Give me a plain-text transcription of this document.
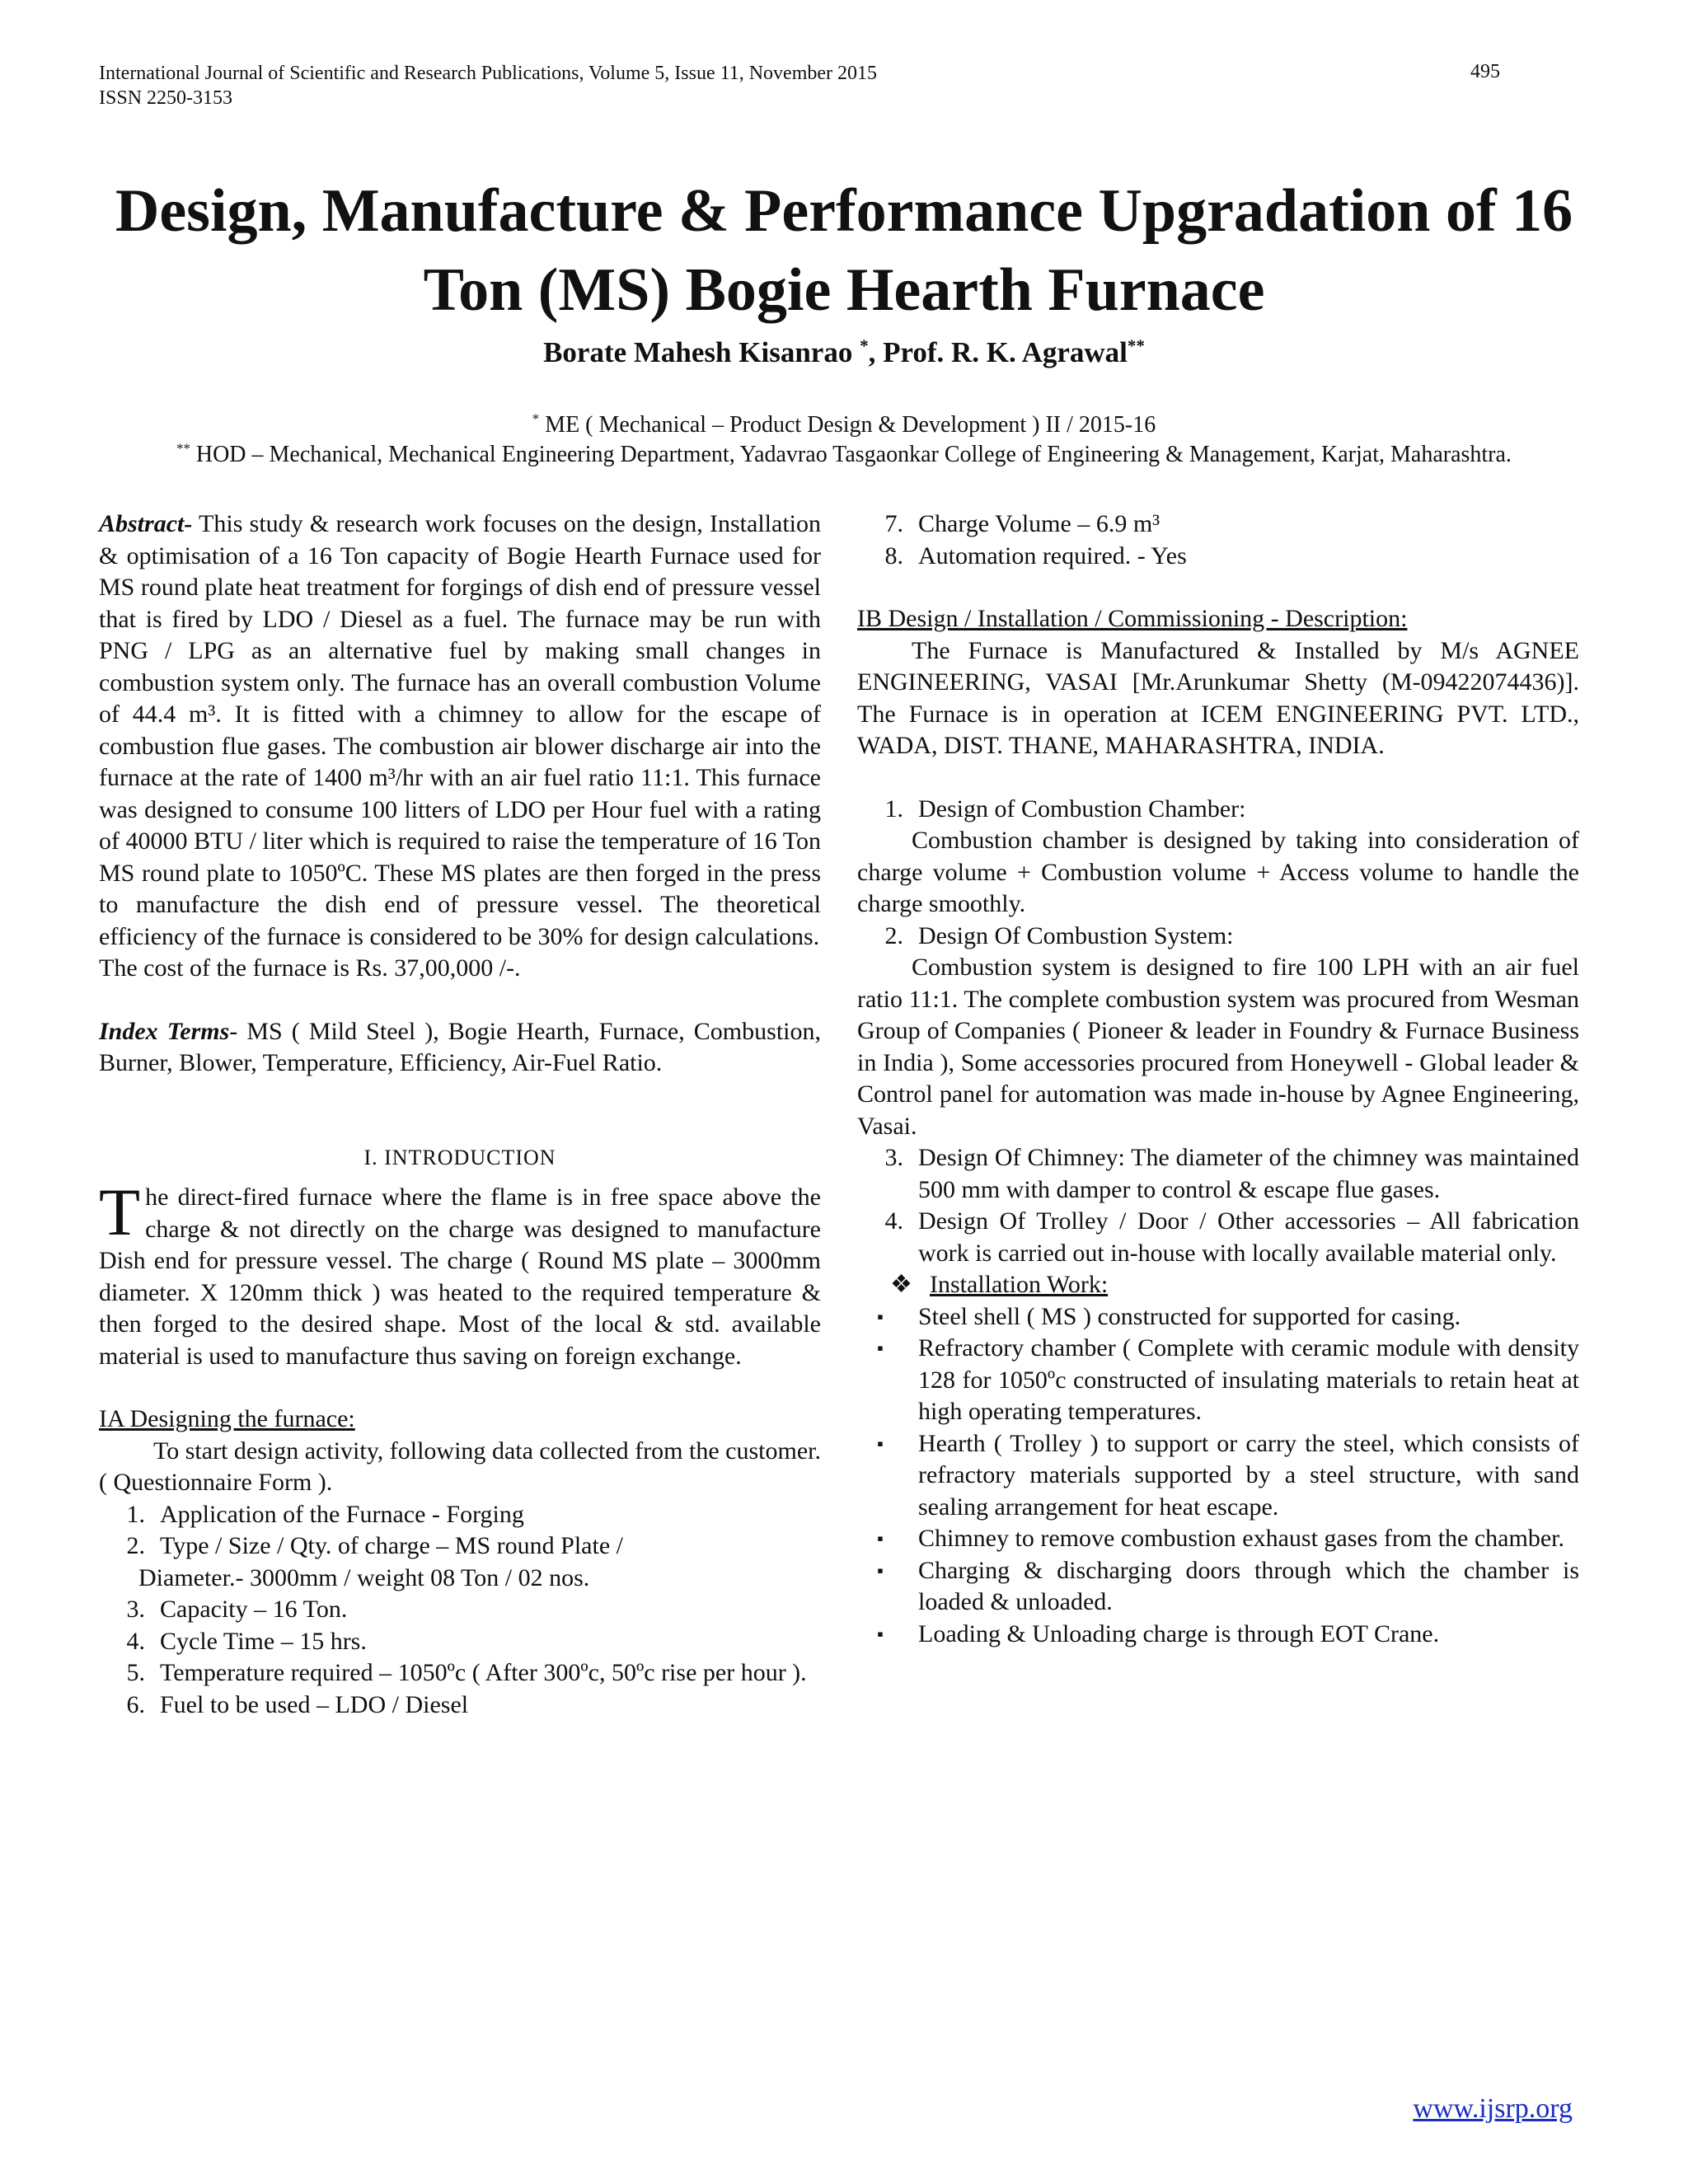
International Journal of Scientific and Research Publications, Volume 5, Issue 11, November 2015
ISSN 2250-3153
495
Design, Manufacture & Performance Upgradation of 16
Ton (MS) Bogie Hearth Furnace
Borate Mahesh Kisanrao *, Prof. R. K. Agrawal**
* ME ( Mechanical – Product Design & Development ) II / 2015-16
** HOD – Mechanical, Mechanical Engineering Department, Yadavrao Tasgaonkar College of Engineering & Management, Karjat, Maharashtra.

Abstract- This study & research work focuses on the design, Installation & optimisation of a 16 Ton capacity of Bogie Hearth Furnace used for MS round plate heat treatment for forgings of dish end of pressure vessel that is fired by LDO / Diesel as a fuel. The furnace may be run with PNG / LPG as an alternative fuel by making small changes in combustion system only. The furnace has an overall combustion Volume of 44.4 m³. It is fitted with a chimney to allow for the escape of combustion flue gases. The combustion air blower discharge air into the furnace at the rate of 1400 m³/hr with an air fuel ratio 11:1. This furnace was designed to consume 100 litters of LDO per Hour fuel with a rating of 40000 BTU / liter which is required to raise the temperature of 16 Ton MS round plate to 1050ºC. These MS plates are then forged in the press to manufacture the dish end of pressure vessel. The theoretical efficiency of the furnace is considered to be 30% for design calculations.

The cost of the furnace is Rs. 37,00,000 /-.

Index Terms- MS ( Mild Steel ), Bogie Hearth, Furnace, Combustion, Burner, Blower, Temperature, Efficiency, Air-Fuel Ratio.

I. INTRODUCTION

The direct-fired furnace where the flame is in free space above the charge & not directly on the charge was designed to manufacture Dish end for pressure vessel. The charge ( Round MS plate – 3000mm diameter. X 120mm thick ) was heated to the required temperature & then forged to the desired shape. Most of the local & std. available material is used to manufacture thus saving on foreign exchange.

IA Designing the furnace:

To start design activity, following data collected from the customer. ( Questionnaire Form ).

1. Application of the Furnace - Forging
2. Type / Size / Qty. of charge – MS round Plate /
Diameter.- 3000mm / weight 08 Ton / 02 nos.
3. Capacity – 16 Ton.
4. Cycle Time – 15 hrs.
5. Temperature required – 1050ºc ( After 300ºc, 50ºc rise per hour ).
6. Fuel to be used – LDO / Diesel
7. Charge Volume – 6.9 m³
8. Automation required. - Yes

IB Design / Installation / Commissioning - Description:

The Furnace is Manufactured & Installed by M/s AGNEE ENGINEERING, VASAI [Mr.Arunkumar Shetty (M-09422074436)]. The Furnace is in operation at ICEM ENGINEERING PVT. LTD., WADA, DIST. THANE, MAHARASHTRA, INDIA.

1. Design of Combustion Chamber:

Combustion chamber is designed by taking into consideration of charge volume + Combustion volume + Access volume to handle the charge smoothly.

2. Design Of Combustion System:

Combustion system is designed to fire 100 LPH with an air fuel ratio 11:1. The complete combustion system was procured from Wesman Group of Companies ( Pioneer & leader in Foundry & Furnace Business in India ), Some accessories procured from Honeywell - Global leader & Control panel for automation was made in-house by Agnee Engineering, Vasai.

3. Design Of Chimney: The diameter of the chimney was maintained 500 mm with damper to control & escape flue gases.
4. Design Of Trolley / Door / Other accessories – All fabrication work is carried out in-house with locally available material only.
❖ Installation Work:
▪	Steel shell ( MS ) constructed for supported for casing.
▪	Refractory chamber ( Complete with ceramic module with density 128 for 1050ºc constructed of insulating materials to retain heat at high operating temperatures.
▪	Hearth ( Trolley ) to support or carry the steel, which consists of refractory materials supported by a steel structure, with sand sealing arrangement for heat escape.
▪	Chimney to remove combustion exhaust gases from the chamber.
▪	Charging & discharging doors through which the chamber is loaded & unloaded.
▪	Loading & Unloading charge is through EOT Crane.
www.ijsrp.org
